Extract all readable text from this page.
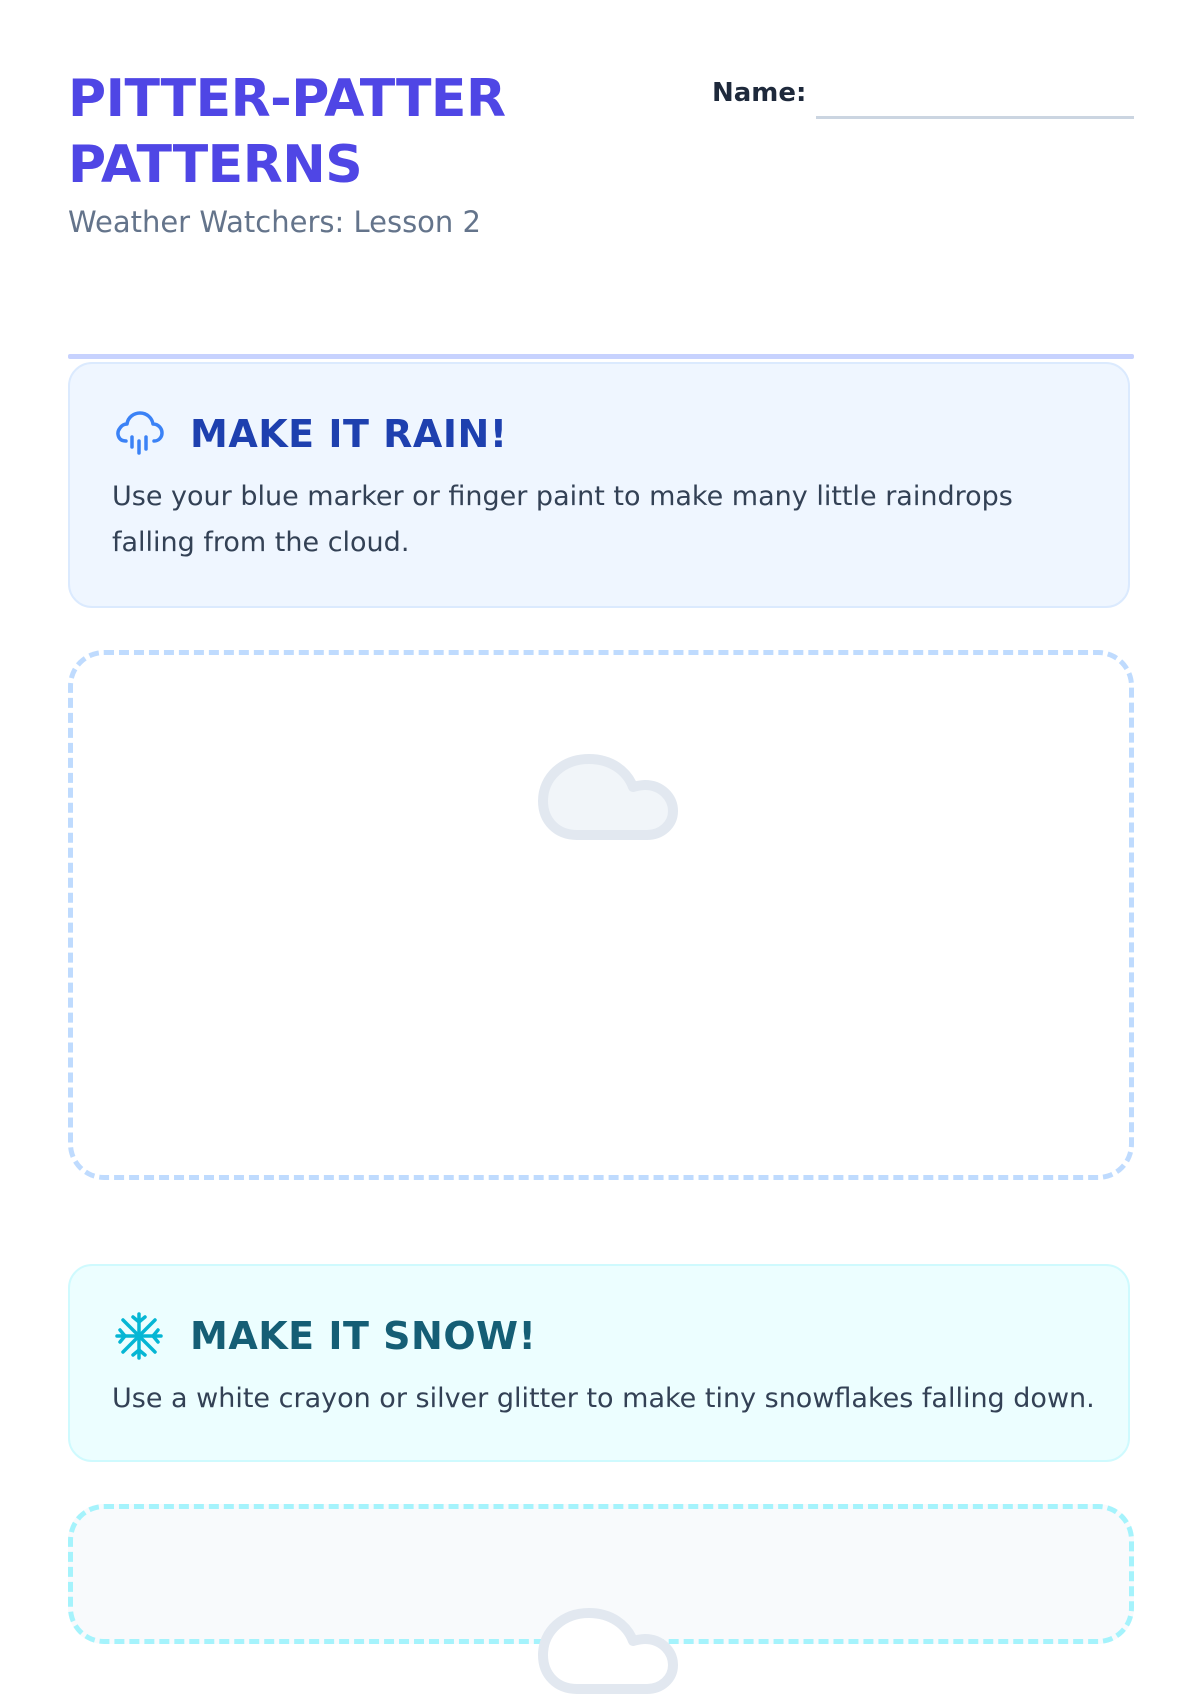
PITTER-PATTER
PATTERNS
Weather Watchers: Lesson 2
Name:
MAKE IT RAIN!
Use your blue marker or finger paint to make many little raindrops falling from the cloud.
MAKE IT SNOW!
Use a white crayon or silver glitter to make tiny snowflakes falling down.
